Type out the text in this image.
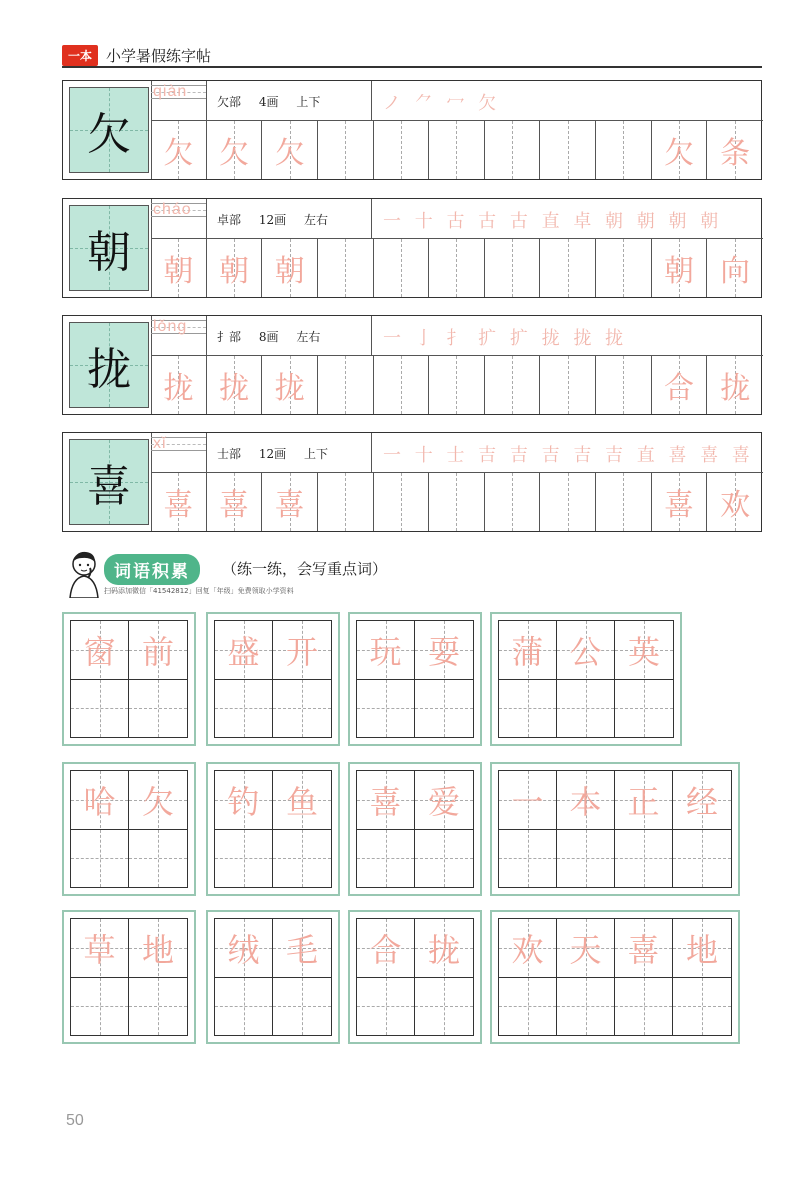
一本 小学暑假练字帖
欠
qiàn
欠部 4画 上下	ノ ⺈ 冖 欠
欠 欠 欠	欠 条
朝
cháo
卓部 12画 左右	一 十 古 古 古 直 卓 朝 朝 朝 朝
朝 朝 朝	朝 向
拢
lǒng
扌部 8画 左右	一 亅 扌 扩 扩 拢 拢 拢
拢 拢 拢	合 拢
喜
xǐ
士部 12画 上下	一 十 士 吉 吉 吉 吉 吉 直 喜 喜 喜
喜 喜 喜	喜 欢
词语积累	（练一练，会写重点词）
扫码添加微信「41542812」回复「年级」免费领取小学资料
窗 前	盛 开	玩 耍	蒲 公 英
哈 欠	钓 鱼	喜 爱	一 本 正 经
草 地	绒 毛	合 拢	欢 天 喜 地
50
